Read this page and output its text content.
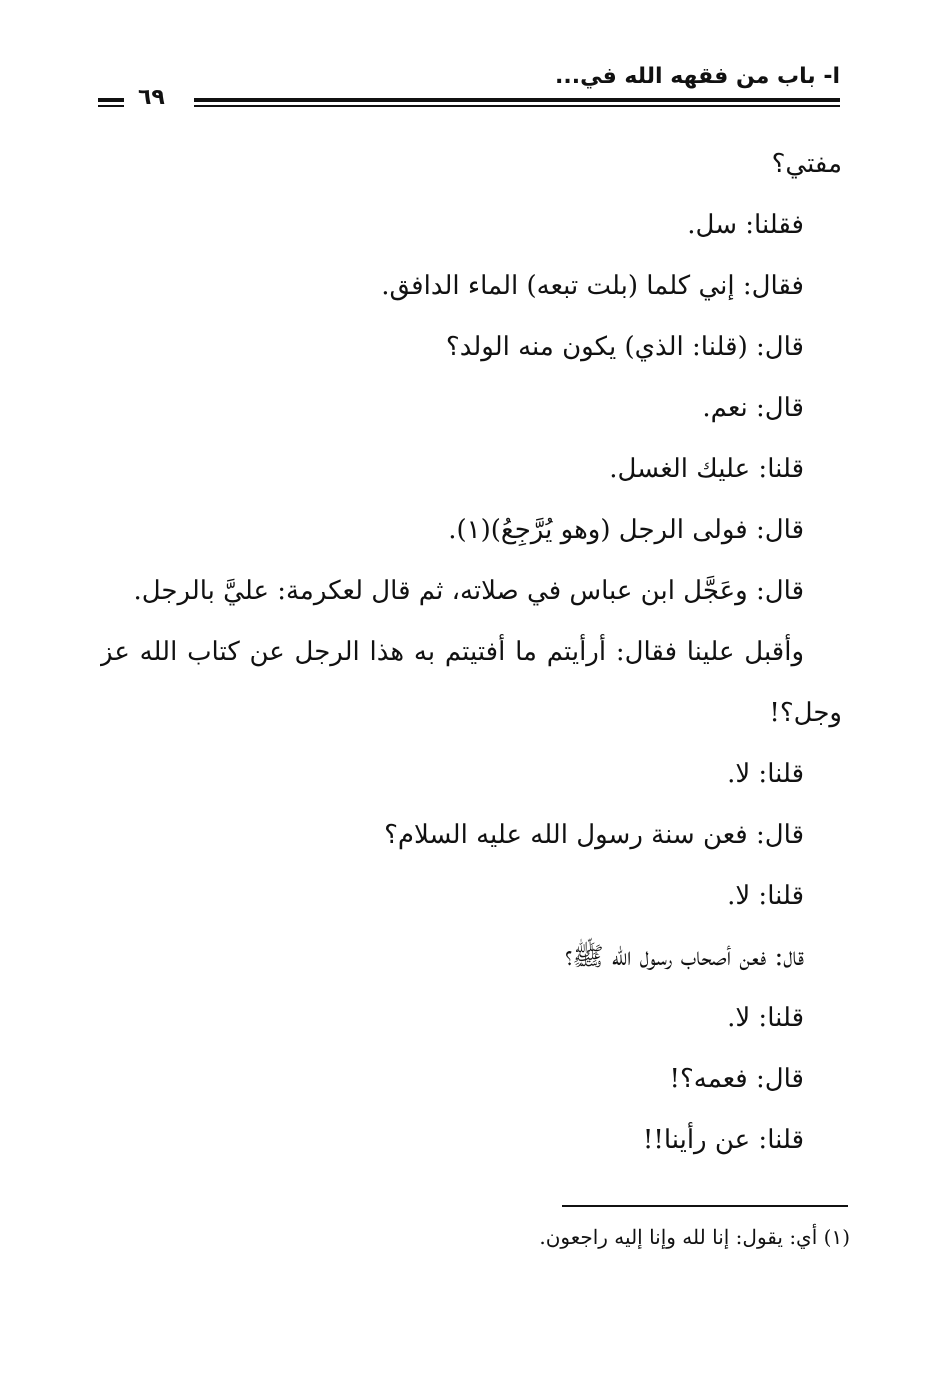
ا- باب من فقهه الله في...
٦٩
مفتي؟
فقلنا: سل.
فقال: إني كلما (بلت تبعه) الماء الدافق.
قال: (قلنا: الذي) يكون منه الولد؟
قال: نعم.
قلنا: عليك الغسل.
قال: فولى الرجل (وهو يُرَّجِعُ)(١).
قال: وعَجَّل ابن عباس في صلاته، ثم قال لعكرمة: عليَّ بالرجل.
وأقبل علينا فقال: أرأيتم ما أفتيتم به هذا الرجل عن كتاب الله عز
وجل؟!
قلنا: لا.
قال: فعن سنة رسول الله عليه السلام؟
قلنا: لا.
قال: فعن أصحاب رسول الله ﷺ؟
قلنا: لا.
قال: فعمه؟!
قلنا: عن رأينا!!
(١) أي: يقول: إنا لله وإنا إليه راجعون.
